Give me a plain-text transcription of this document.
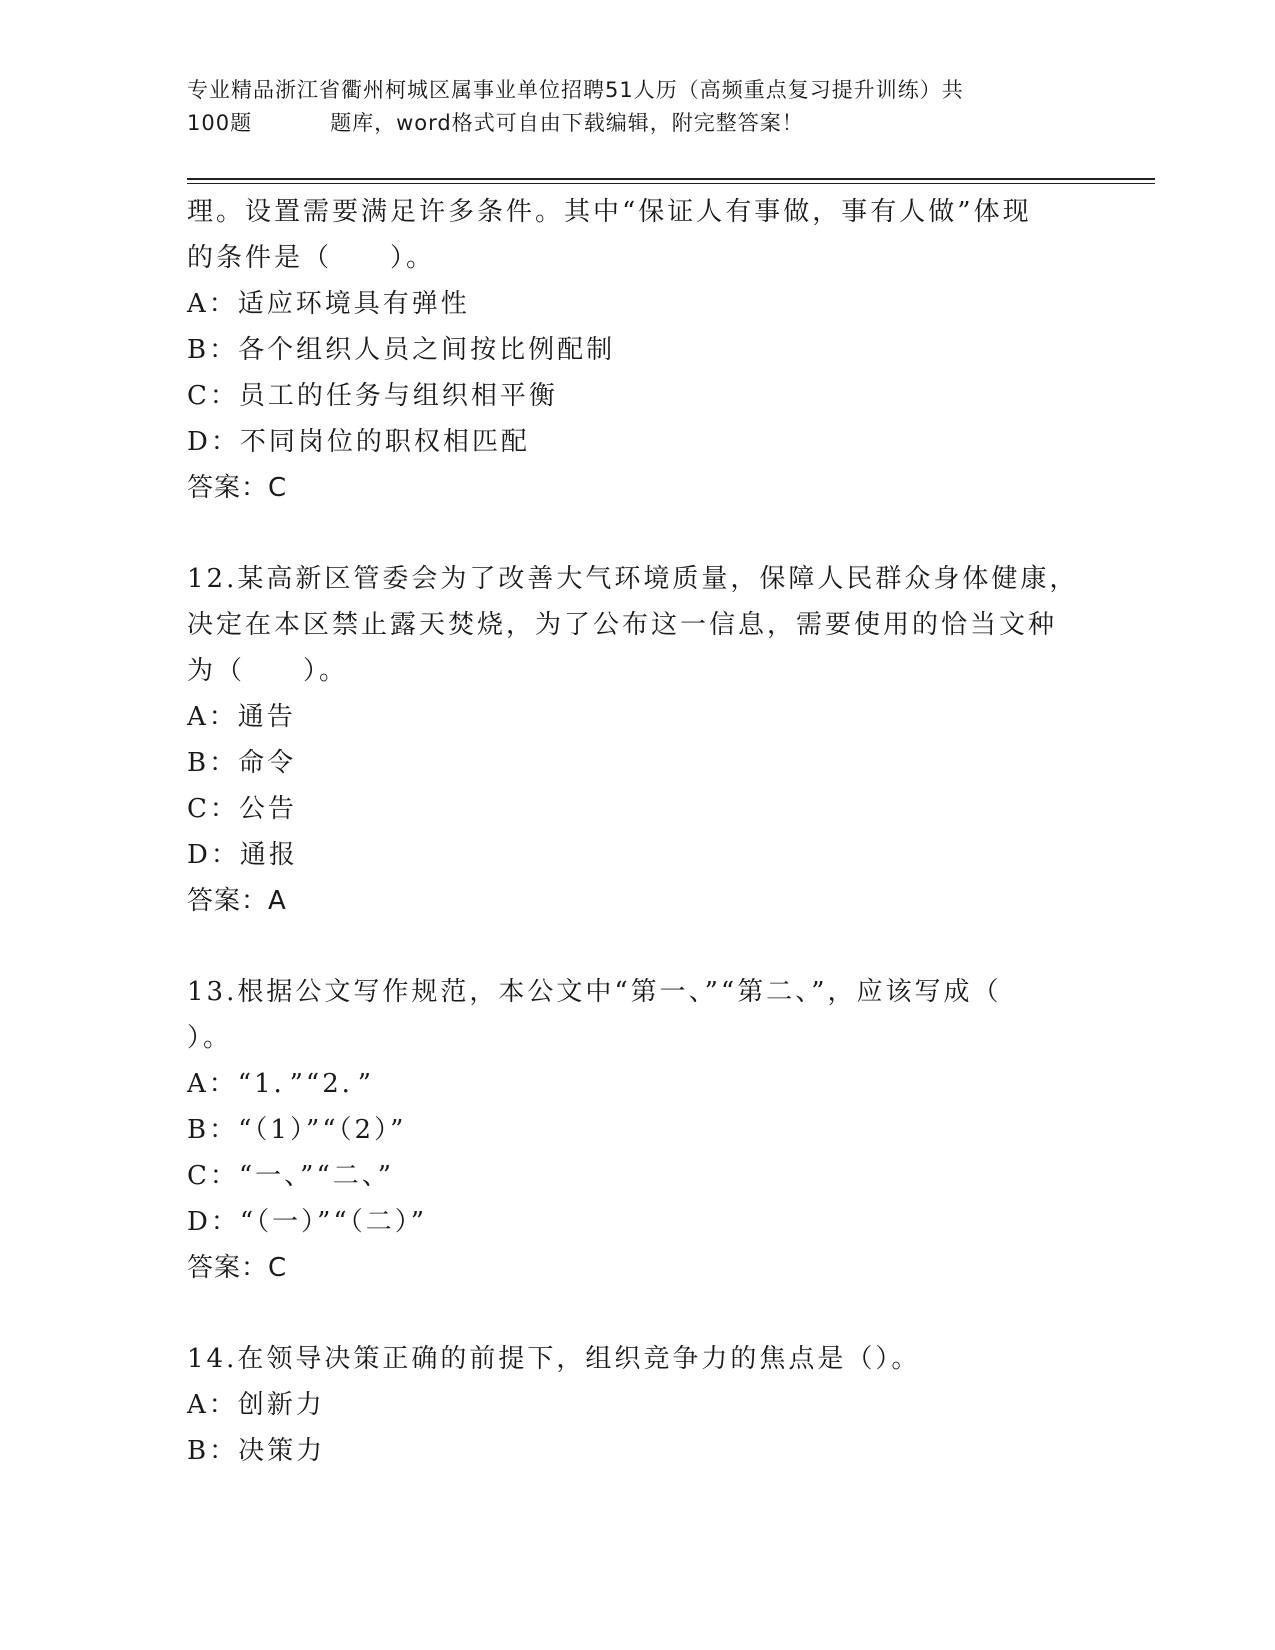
专业精品浙江省衢州柯城区属事业单位招聘51人历（高频重点复习提升训练）共
100题	题库，word格式可自由下载编辑，附完整答案！
理。设置需要满足许多条件。其中“保证人有事做，事有人做”体现
的条件是（　　）。
A：适应环境具有弹性
B：各个组织人员之间按比例配制
C：员工的任务与组织相平衡
D：不同岗位的职权相匹配
答案：C
12.某高新区管委会为了改善大气环境质量，保障人民群众身体健康，
决定在本区禁止露天焚烧，为了公布这一信息，需要使用的恰当文种
为（　　）。
A：通告
B：命令
C：公告
D：通报
答案：A
13.根据公文写作规范，本公文中“第一、”“第二、”，应该写成（
）。
A：“1．”“2．”
B：“（1）”“（2）”
C：“一、”“二、”
D：“（一）”“（二）”
答案：C
14.在领导决策正确的前提下，组织竞争力的焦点是（）。
A：创新力
B：决策力
